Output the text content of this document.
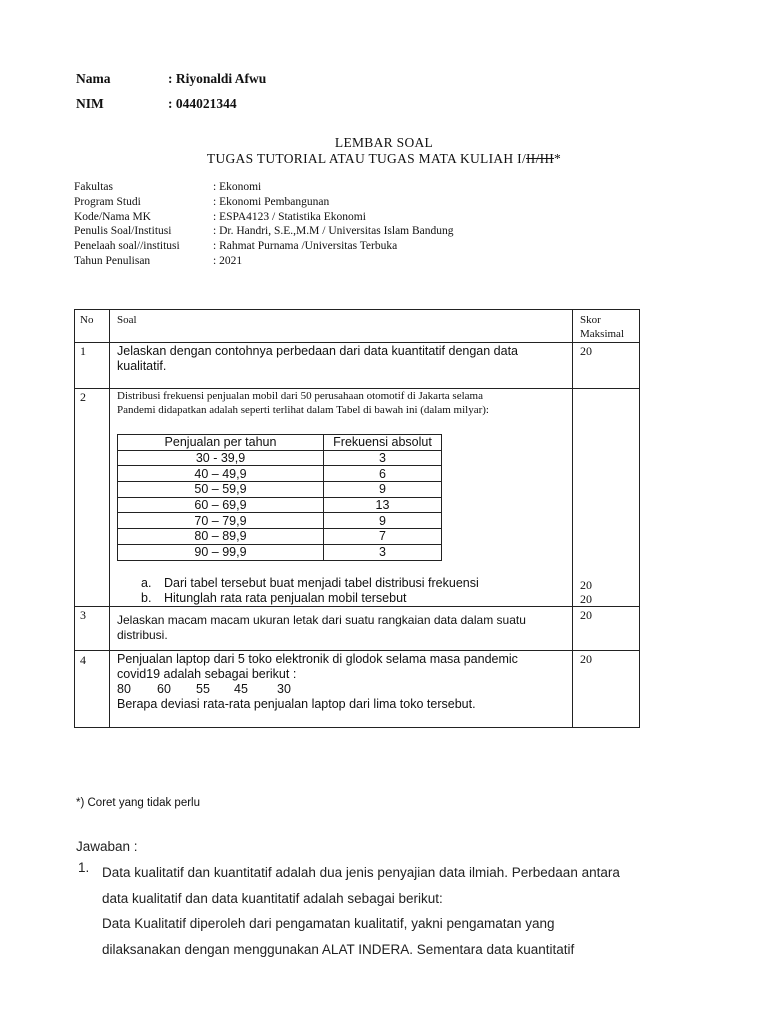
Nama	: Riyonaldi Afwu
NIM	: 044021344
LEMBAR SOAL
TUGAS TUTORIAL ATAU TUGAS MATA KULIAH I/II/III*
Fakultas	: Ekonomi
Program Studi	: Ekonomi Pembangunan
Kode/Nama MK	: ESPA4123 / Statistika Ekonomi
Penulis Soal/Institusi	: Dr. Handri, S.E.,M.M / Universitas Islam Bandung
Penelaah soal//institusi	: Rahmat Purnama /Universitas Terbuka
Tahun Penulisan	: 2021
No Soal	Skor
Maksimal
1 Jelaskan dengan contohnya perbedaan dari data kuantitatif dengan data
kualitatif.
20
2	Distribusi frekuensi penjualan mobil dari 50 perusahaan otomotif di Jakarta selama
Pandemi didapatkan adalah seperti terlihat dalam Tabel di bawah ini (dalam milyar):
Penjualan per tahun	Frekuensi absolut
30 - 39,9	3
40 – 49,9	6
50 – 59,9	9
60 – 69,9	13
70 – 79,9	9
80 – 89,9	7
90 – 99,9	3
a. Dari tabel tersebut buat menjadi tabel distribusi frekuensi	20
b. Hitunglah rata rata penjualan mobil tersebut	20
3	Jelaskan macam macam ukuran letak dari suatu rangkaian data dalam suatu
distribusi.
20
4 Penjualan laptop dari 5 toko elektronik di glodok selama masa pandemic
covid19 adalah sebagai berikut :
80 60 55 45 30
Berapa deviasi rata-rata penjualan laptop dari lima toko tersebut.
20
*) Coret yang tidak perlu
Jawaban :
1. Data kualitatif dan kuantitatif adalah dua jenis penyajian data ilmiah. Perbedaan antara
data kualitatif dan data kuantitatif adalah sebagai berikut:
Data Kualitatif diperoleh dari pengamatan kualitatif, yakni pengamatan yang
dilaksanakan dengan menggunakan ALAT INDERA. Sementara data kuantitatif
